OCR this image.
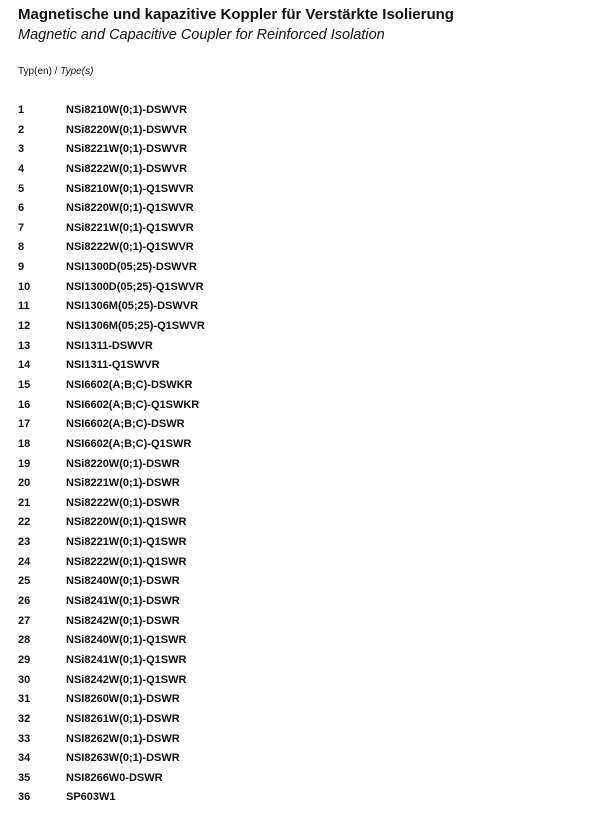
Magnetische und kapazitive Koppler für Verstärkte Isolierung
Magnetic and Capacitive Coupler for Reinforced Isolation
Typ(en) / Type(s)
1	NSi8210W(0;1)-DSWVR
2	NSi8220W(0;1)-DSWVR
3	NSi8221W(0;1)-DSWVR
4	NSi8222W(0;1)-DSWVR
5	NSi8210W(0;1)-Q1SWVR
6	NSi8220W(0;1)-Q1SWVR
7	NSi8221W(0;1)-Q1SWVR
8	NSi8222W(0;1)-Q1SWVR
9	NSI1300D(05;25)-DSWVR
10	NSI1300D(05;25)-Q1SWVR
11	NSI1306M(05;25)-DSWVR
12	NSI1306M(05;25)-Q1SWVR
13	NSI1311-DSWVR
14	NSI1311-Q1SWVR
15	NSI6602(A;B;C)-DSWKR
16	NSI6602(A;B;C)-Q1SWKR
17	NSI6602(A;B;C)-DSWR
18	NSI6602(A;B;C)-Q1SWR
19	NSi8220W(0;1)-DSWR
20	NSi8221W(0;1)-DSWR
21	NSi8222W(0;1)-DSWR
22	NSi8220W(0;1)-Q1SWR
23	NSi8221W(0;1)-Q1SWR
24	NSi8222W(0;1)-Q1SWR
25	NSi8240W(0;1)-DSWR
26	NSi8241W(0;1)-DSWR
27	NSi8242W(0;1)-DSWR
28	NSi8240W(0;1)-Q1SWR
29	NSi8241W(0;1)-Q1SWR
30	NSi8242W(0;1)-Q1SWR
31	NSI8260W(0;1)-DSWR
32	NSI8261W(0;1)-DSWR
33	NSI8262W(0;1)-DSWR
34	NSI8263W(0;1)-DSWR
35	NSI8266W0-DSWR
36	SP603W1
